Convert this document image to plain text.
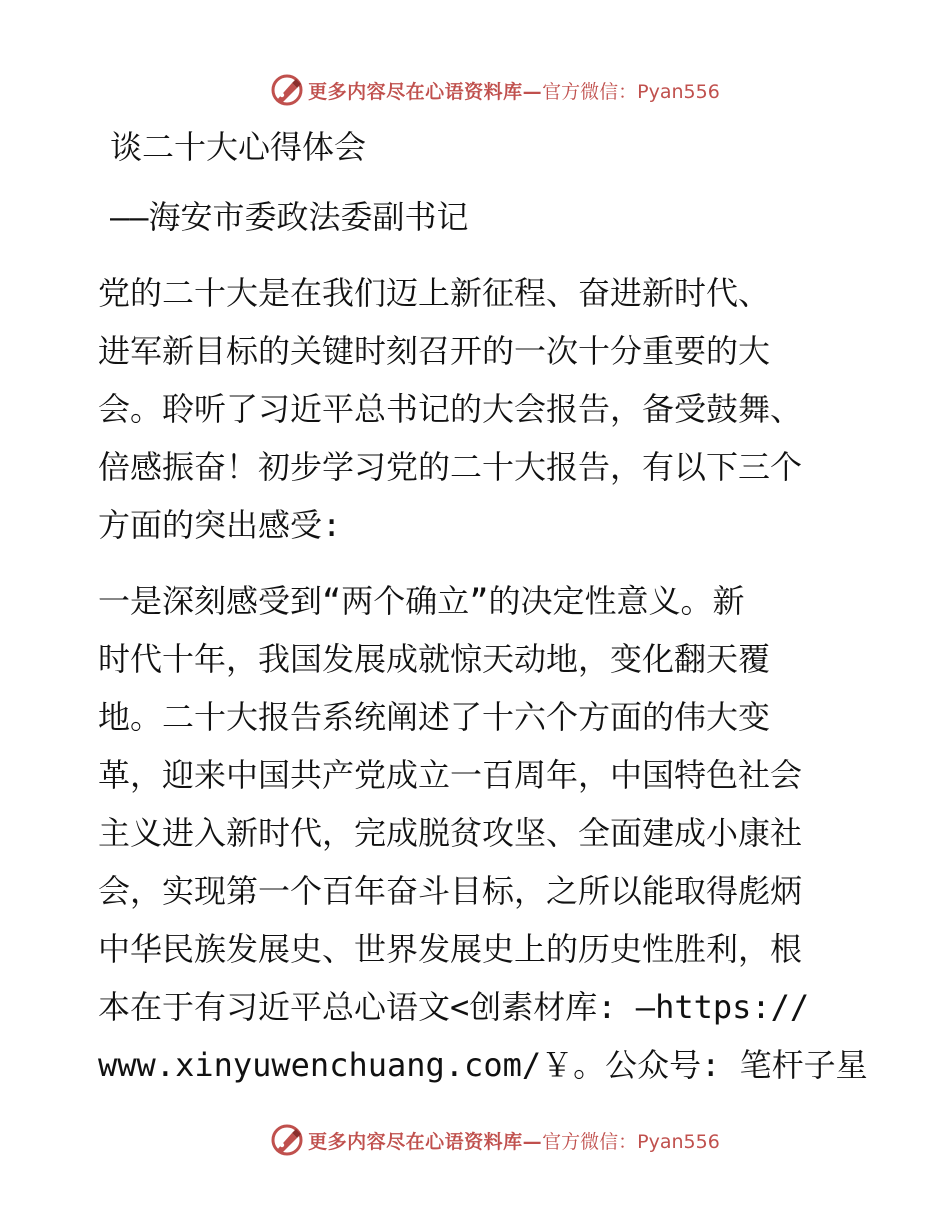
更多内容尽在心语资料库— 官方微信：Pyan556
谈二十大心得体会
——海安市委政法委副书记
党的二十大是在我们迈上新征程、奋进新时代、
进军新目标的关键时刻召开的一次十分重要的大
会。聆听了习近平总书记的大会报告，备受鼓舞、
倍感振奋！初步学习党的二十大报告，有以下三个
方面的突出感受:
一是深刻感受到“两个确立”的决定性意义。新
时代十年，我国发展成就惊天动地，变化翻天覆
地。二十大报告系统阐述了十六个方面的伟大变
革，迎来中国共产党成立一百周年，中国特色社会
主义进入新时代，完成脱贫攻坚、全面建成小康社
会，实现第一个百年奋斗目标，之所以能取得彪炳
中华民族发展史、世界发展史上的历史性胜利，根
本在于有习近平总心语文<创素材库: —https://
www.xinyuwenchuang.com/￥。公众号: 笔杆子星
更多内容尽在心语资料库— 官方微信：Pyan556
